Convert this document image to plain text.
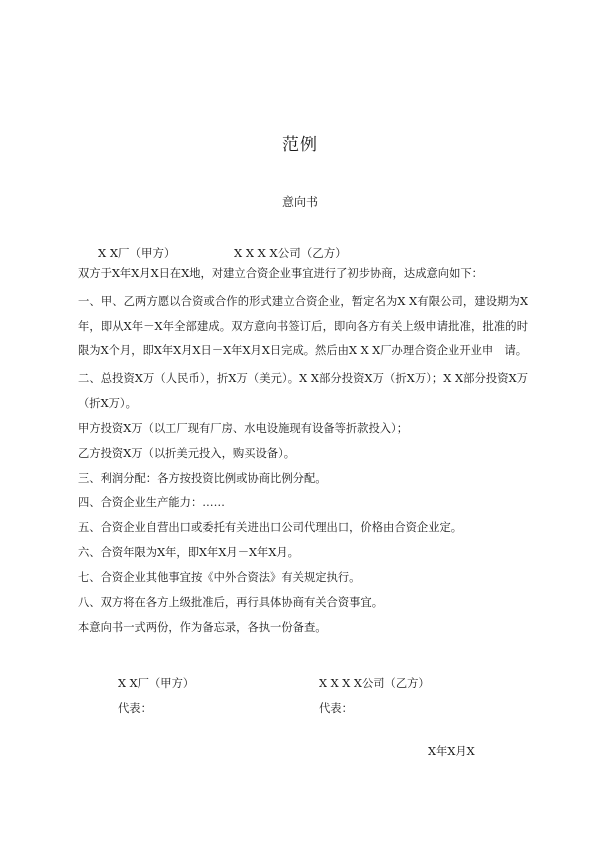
范例
意向书
X X厂（甲方）	X X X X公司（乙方）
双方于X年X月X日在X地，对建立合资企业事宜进行了初步协商，达成意向如下：
一、甲、乙两方愿以合资或合作的形式建立合资企业，暂定名为X X有限公司，建设期为X年，即从X年－X年全部建成。双方意向书签订后，即向各方有关上级申请批准，批准的时限为X个月，即X年X月X日－X年X月X日完成。然后由X X X厂办理合资企业开业申　请。
二、总投资X万（人民币），折X万（美元）。X X部分投资X万（折X万）；X X部分投资X万（折X万）。
甲方投资X万（以工厂现有厂房、水电设施现有设备等折款投入）；
乙方投资X万（以折美元投入，购买设备）。
三、利润分配：各方按投资比例或协商比例分配。
四、合资企业生产能力：……
五、合资企业自营出口或委托有关进出口公司代理出口，价格由合资企业定。
六、合资年限为X年，即X年X月－X年X月。
七、合资企业其他事宜按《中外合资法》有关规定执行。
八、双方将在各方上级批准后，再行具体协商有关合资事宜。
本意向书一式两份，作为备忘录，各执一份备查。
X X厂（甲方）	X X X X公司（乙方）
代表：	代表：
X年X月X
